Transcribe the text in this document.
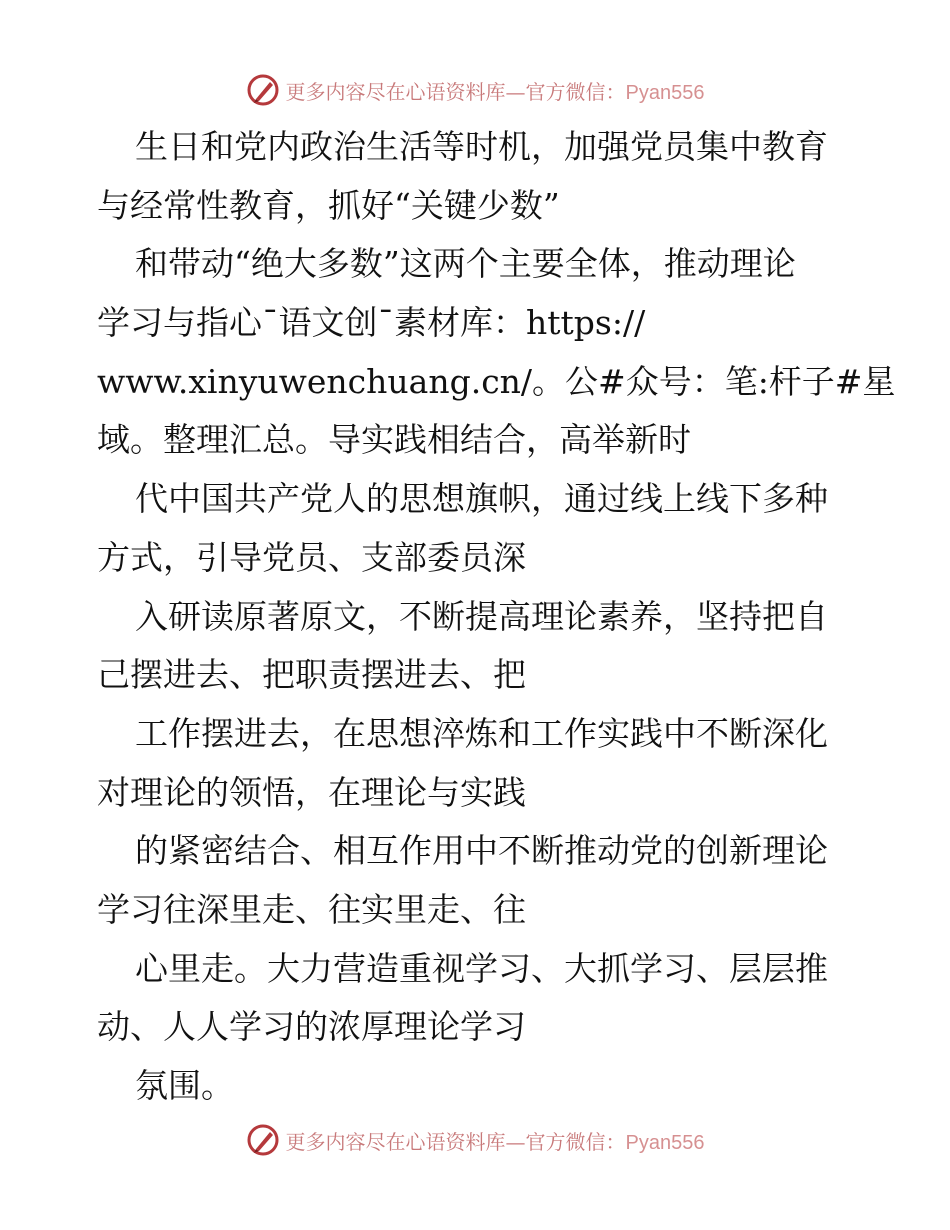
更多内容尽在心语资料库—官方微信：Pyan556
生日和党内政治生活等时机，加强党员集中教育
与经常性教育，抓好“关键少数”
和带动“绝大多数”这两个主要全体，推动理论
学习与指心¯语文创¯素材库：https://
www.xinyuwenchuang.cn/。公#众号：笔:杆子#星
域。整理汇总。导实践相结合，高举新时
代中国共产党人的思想旗帜，通过线上线下多种
方式，引导党员、支部委员深
入研读原著原文，不断提高理论素养，坚持把自
己摆进去、把职责摆进去、把
工作摆进去，在思想淬炼和工作实践中不断深化
对理论的领悟，在理论与实践
的紧密结合、相互作用中不断推动党的创新理论
学习往深里走、往实里走、往
心里走。大力营造重视学习、大抓学习、层层推
动、人人学习的浓厚理论学习
氛围。
更多内容尽在心语资料库—官方微信：Pyan556
